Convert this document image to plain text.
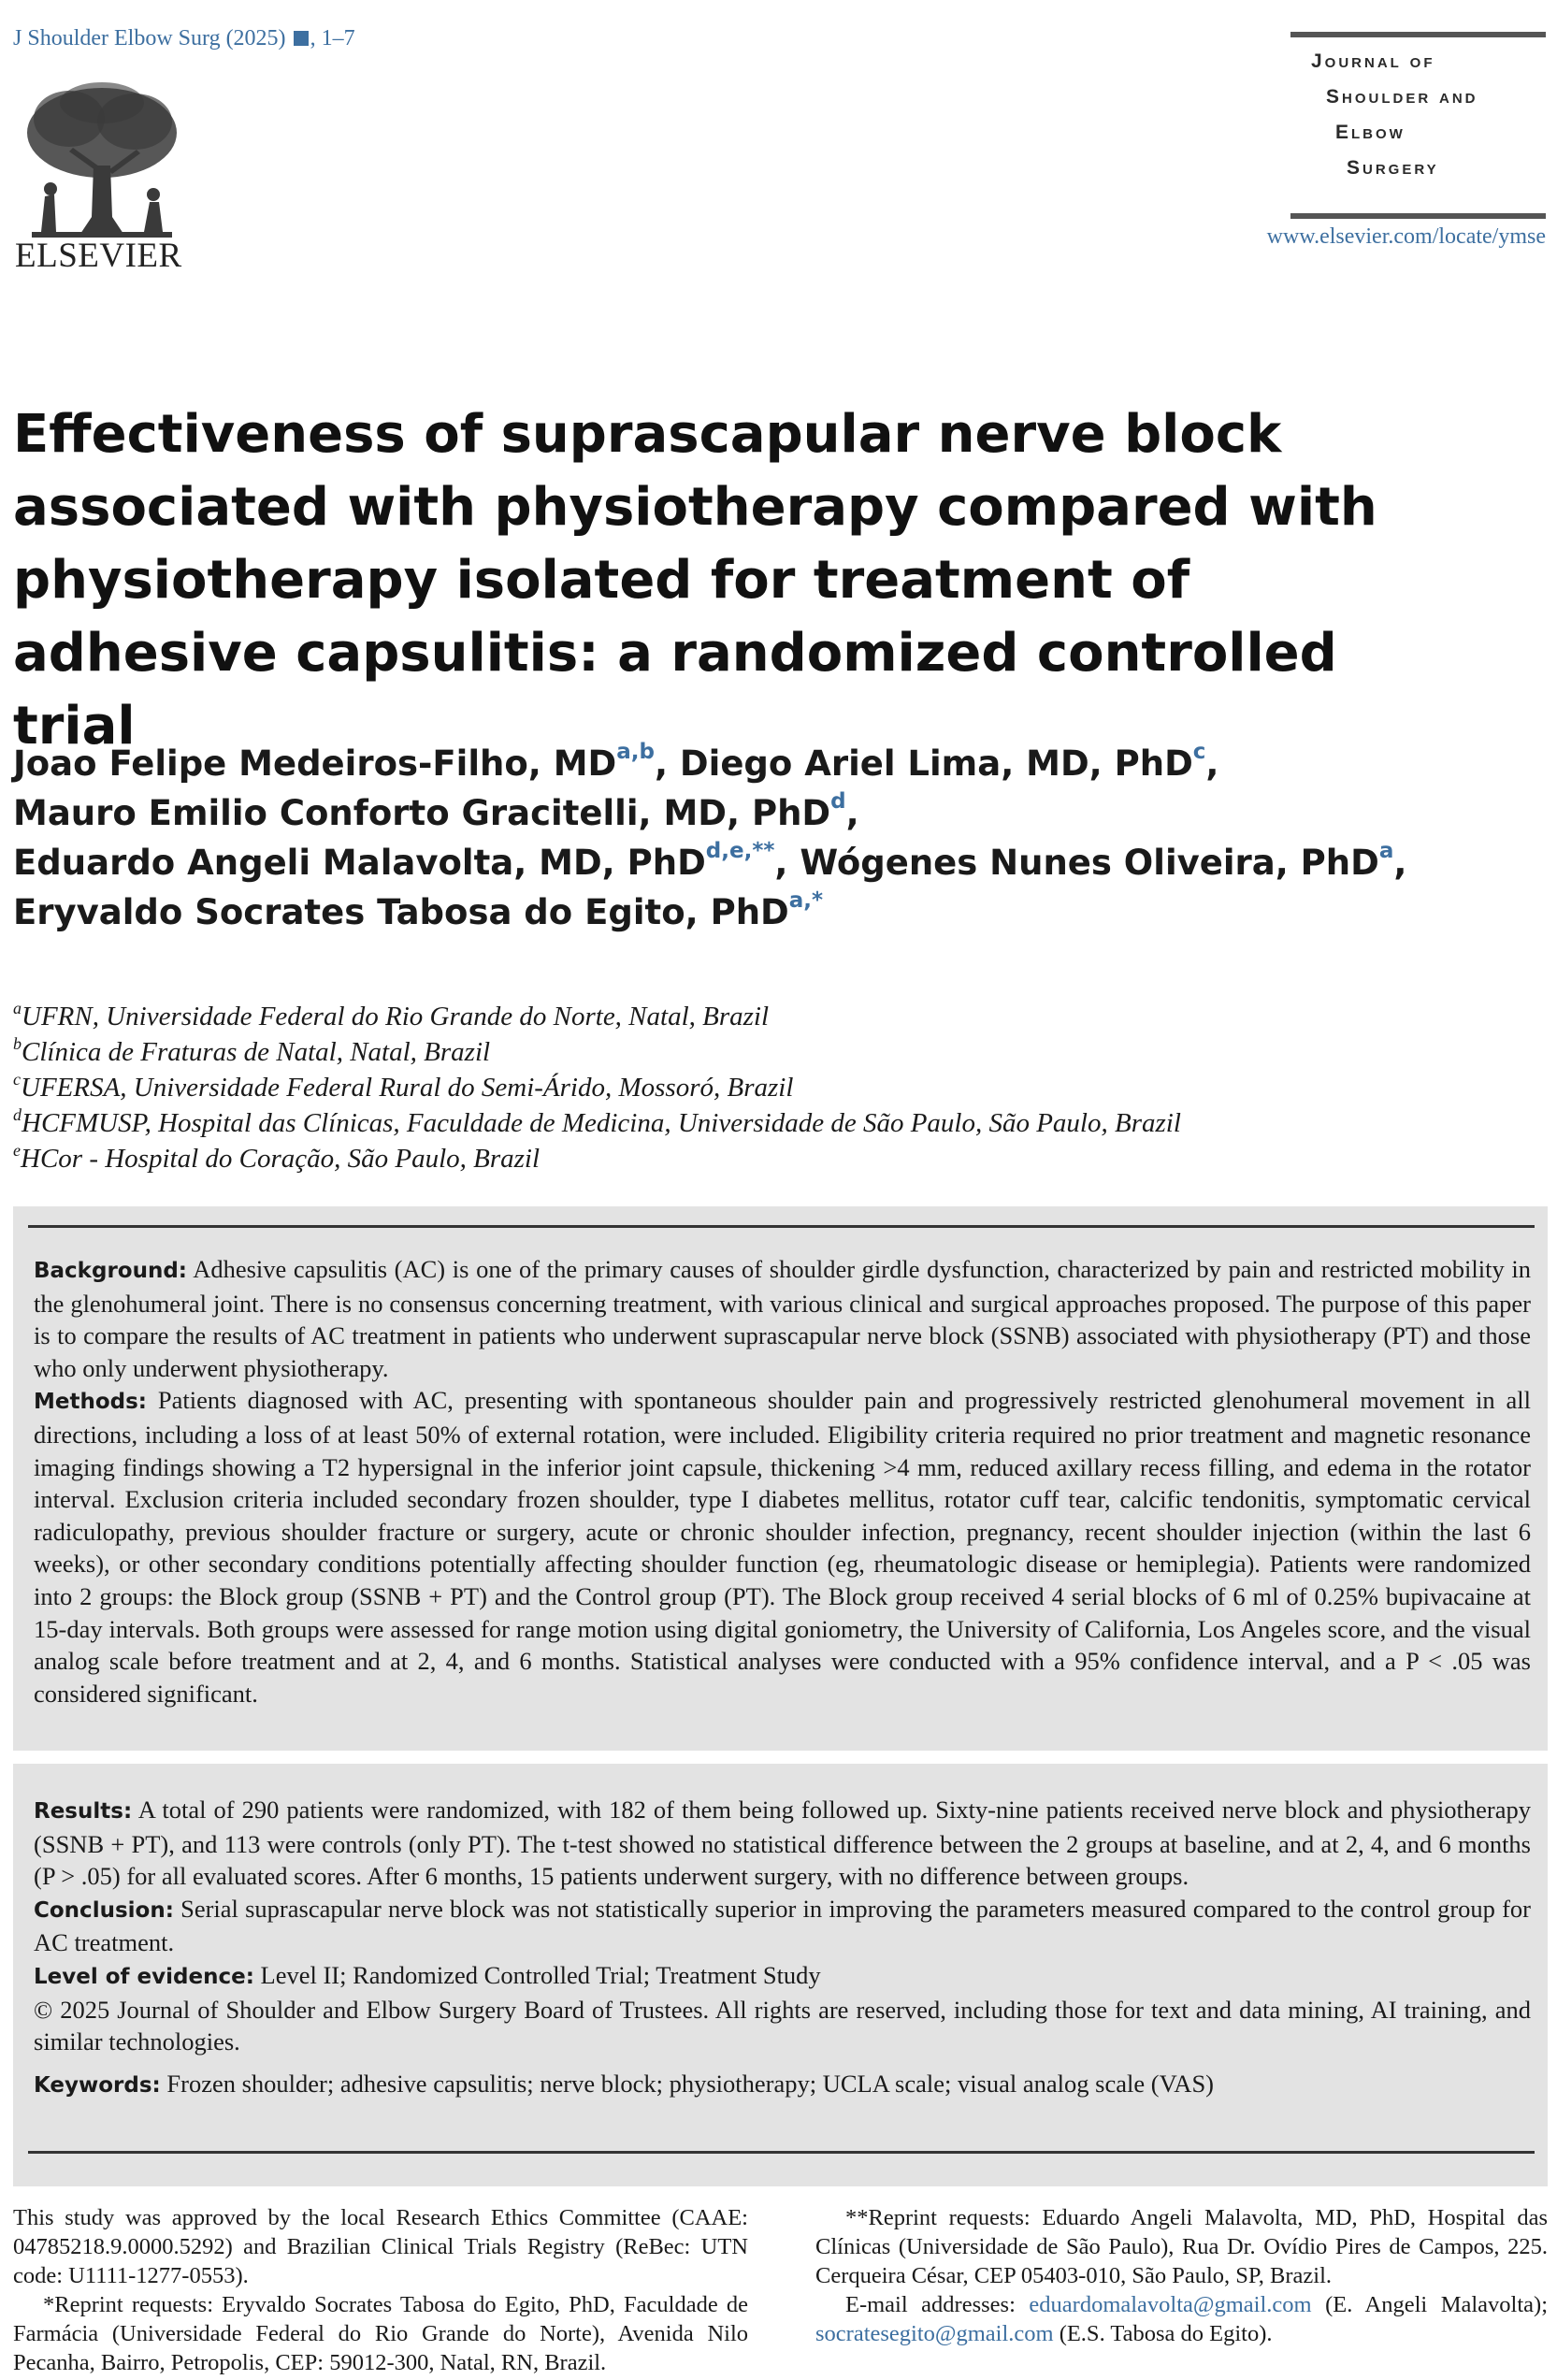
J Shoulder Elbow Surg (2025) , 1–7
ELSEVIER
Journal of
Shoulder and
Elbow
Surgery
www.elsevier.com/locate/ymse
Effectiveness of suprascapular nerve block associated with physiotherapy compared with physiotherapy isolated for treatment of adhesive capsulitis: a randomized controlled trial
Joao Felipe Medeiros-Filho, MD$^{a,b}$, Diego Ariel Lima, MD, PhD$^c$,
Mauro Emilio Conforto Gracitelli, MD, PhD$^d$,
Eduardo Angeli Malavolta, MD, PhD$^{d,e,**}$, Wógenes Nunes Oliveira, PhD$^a$,
Eryvaldo Socrates Tabosa do Egito, PhD$^{a,*}$
$^a$UFRN, Universidade Federal do Rio Grande do Norte, Natal, Brazil
$^b$Clínica de Fraturas de Natal, Natal, Brazil
$^c$UFERSA, Universidade Federal Rural do Semi-Árido, Mossoró, Brazil
$^d$HCFMUSP, Hospital das Clínicas, Faculdade de Medicina, Universidade de São Paulo, São Paulo, Brazil
$^e$HCor - Hospital do Coração, São Paulo, Brazil

Background: Adhesive capsulitis (AC) is one of the primary causes of shoulder girdle dysfunction, characterized by pain and restricted mobility in the glenohumeral joint. There is no consensus concerning treatment, with various clinical and surgical approaches proposed. The purpose of this paper is to compare the results of AC treatment in patients who underwent suprascapular nerve block (SSNB) associated with physiotherapy (PT) and those who only underwent physiotherapy.

Methods: Patients diagnosed with AC, presenting with spontaneous shoulder pain and progressively restricted glenohumeral movement in all directions, including a loss of at least 50% of external rotation, were included. Eligibility criteria required no prior treatment and magnetic resonance imaging findings showing a T2 hypersignal in the inferior joint capsule, thickening >4 mm, reduced axillary recess filling, and edema in the rotator interval. Exclusion criteria included secondary frozen shoulder, type I diabetes mellitus, rotator cuff tear, calcific tendonitis, symptomatic cervical radiculopathy, previous shoulder fracture or surgery, acute or chronic shoulder infection, pregnancy, recent shoulder injection (within the last 6 weeks), or other secondary conditions potentially affecting shoulder function (eg, rheumatologic disease or hemiplegia). Patients were randomized into 2 groups: the Block group (SSNB + PT) and the Control group (PT). The Block group received 4 serial blocks of 6 ml of 0.25% bupivacaine at 15-day intervals. Both groups were assessed for range motion using digital goniometry, the University of California, Los Angeles score, and the visual analog scale before treatment and at 2, 4, and 6 months. Statistical analyses were conducted with a 95% confidence interval, and a P < .05 was considered significant.

Results: A total of 290 patients were randomized, with 182 of them being followed up. Sixty-nine patients received nerve block and physiotherapy (SSNB + PT), and 113 were controls (only PT). The t-test showed no statistical difference between the 2 groups at baseline, and at 2, 4, and 6 months (P > .05) for all evaluated scores. After 6 months, 15 patients underwent surgery, with no difference between groups.

Conclusion: Serial suprascapular nerve block was not statistically superior in improving the parameters measured compared to the control group for AC treatment.

Level of evidence: Level II; Randomized Controlled Trial; Treatment Study

© 2025 Journal of Shoulder and Elbow Surgery Board of Trustees. All rights are reserved, including those for text and data mining, AI training, and similar technologies.

Keywords: Frozen shoulder; adhesive capsulitis; nerve block; physiotherapy; UCLA scale; visual analog scale (VAS)

This study was approved by the local Research Ethics Committee (CAAE: 04785218.9.0000.5292) and Brazilian Clinical Trials Registry (ReBec: UTN code: U1111-1277-0553).

*Reprint requests: Eryvaldo Socrates Tabosa do Egito, PhD, Faculdade de Farmácia (Universidade Federal do Rio Grande do Norte), Avenida Nilo Pecanha, Bairro, Petropolis, CEP: 59012-300, Natal, RN, Brazil.

**Reprint requests: Eduardo Angeli Malavolta, MD, PhD, Hospital das Clínicas (Universidade de São Paulo), Rua Dr. Ovídio Pires de Campos, 225. Cerqueira César, CEP 05403-010, São Paulo, SP, Brazil.

E-mail addresses: eduardomalavolta@gmail.com (E. Angeli Malavolta); socratesegito@gmail.com (E.S. Tabosa do Egito).
